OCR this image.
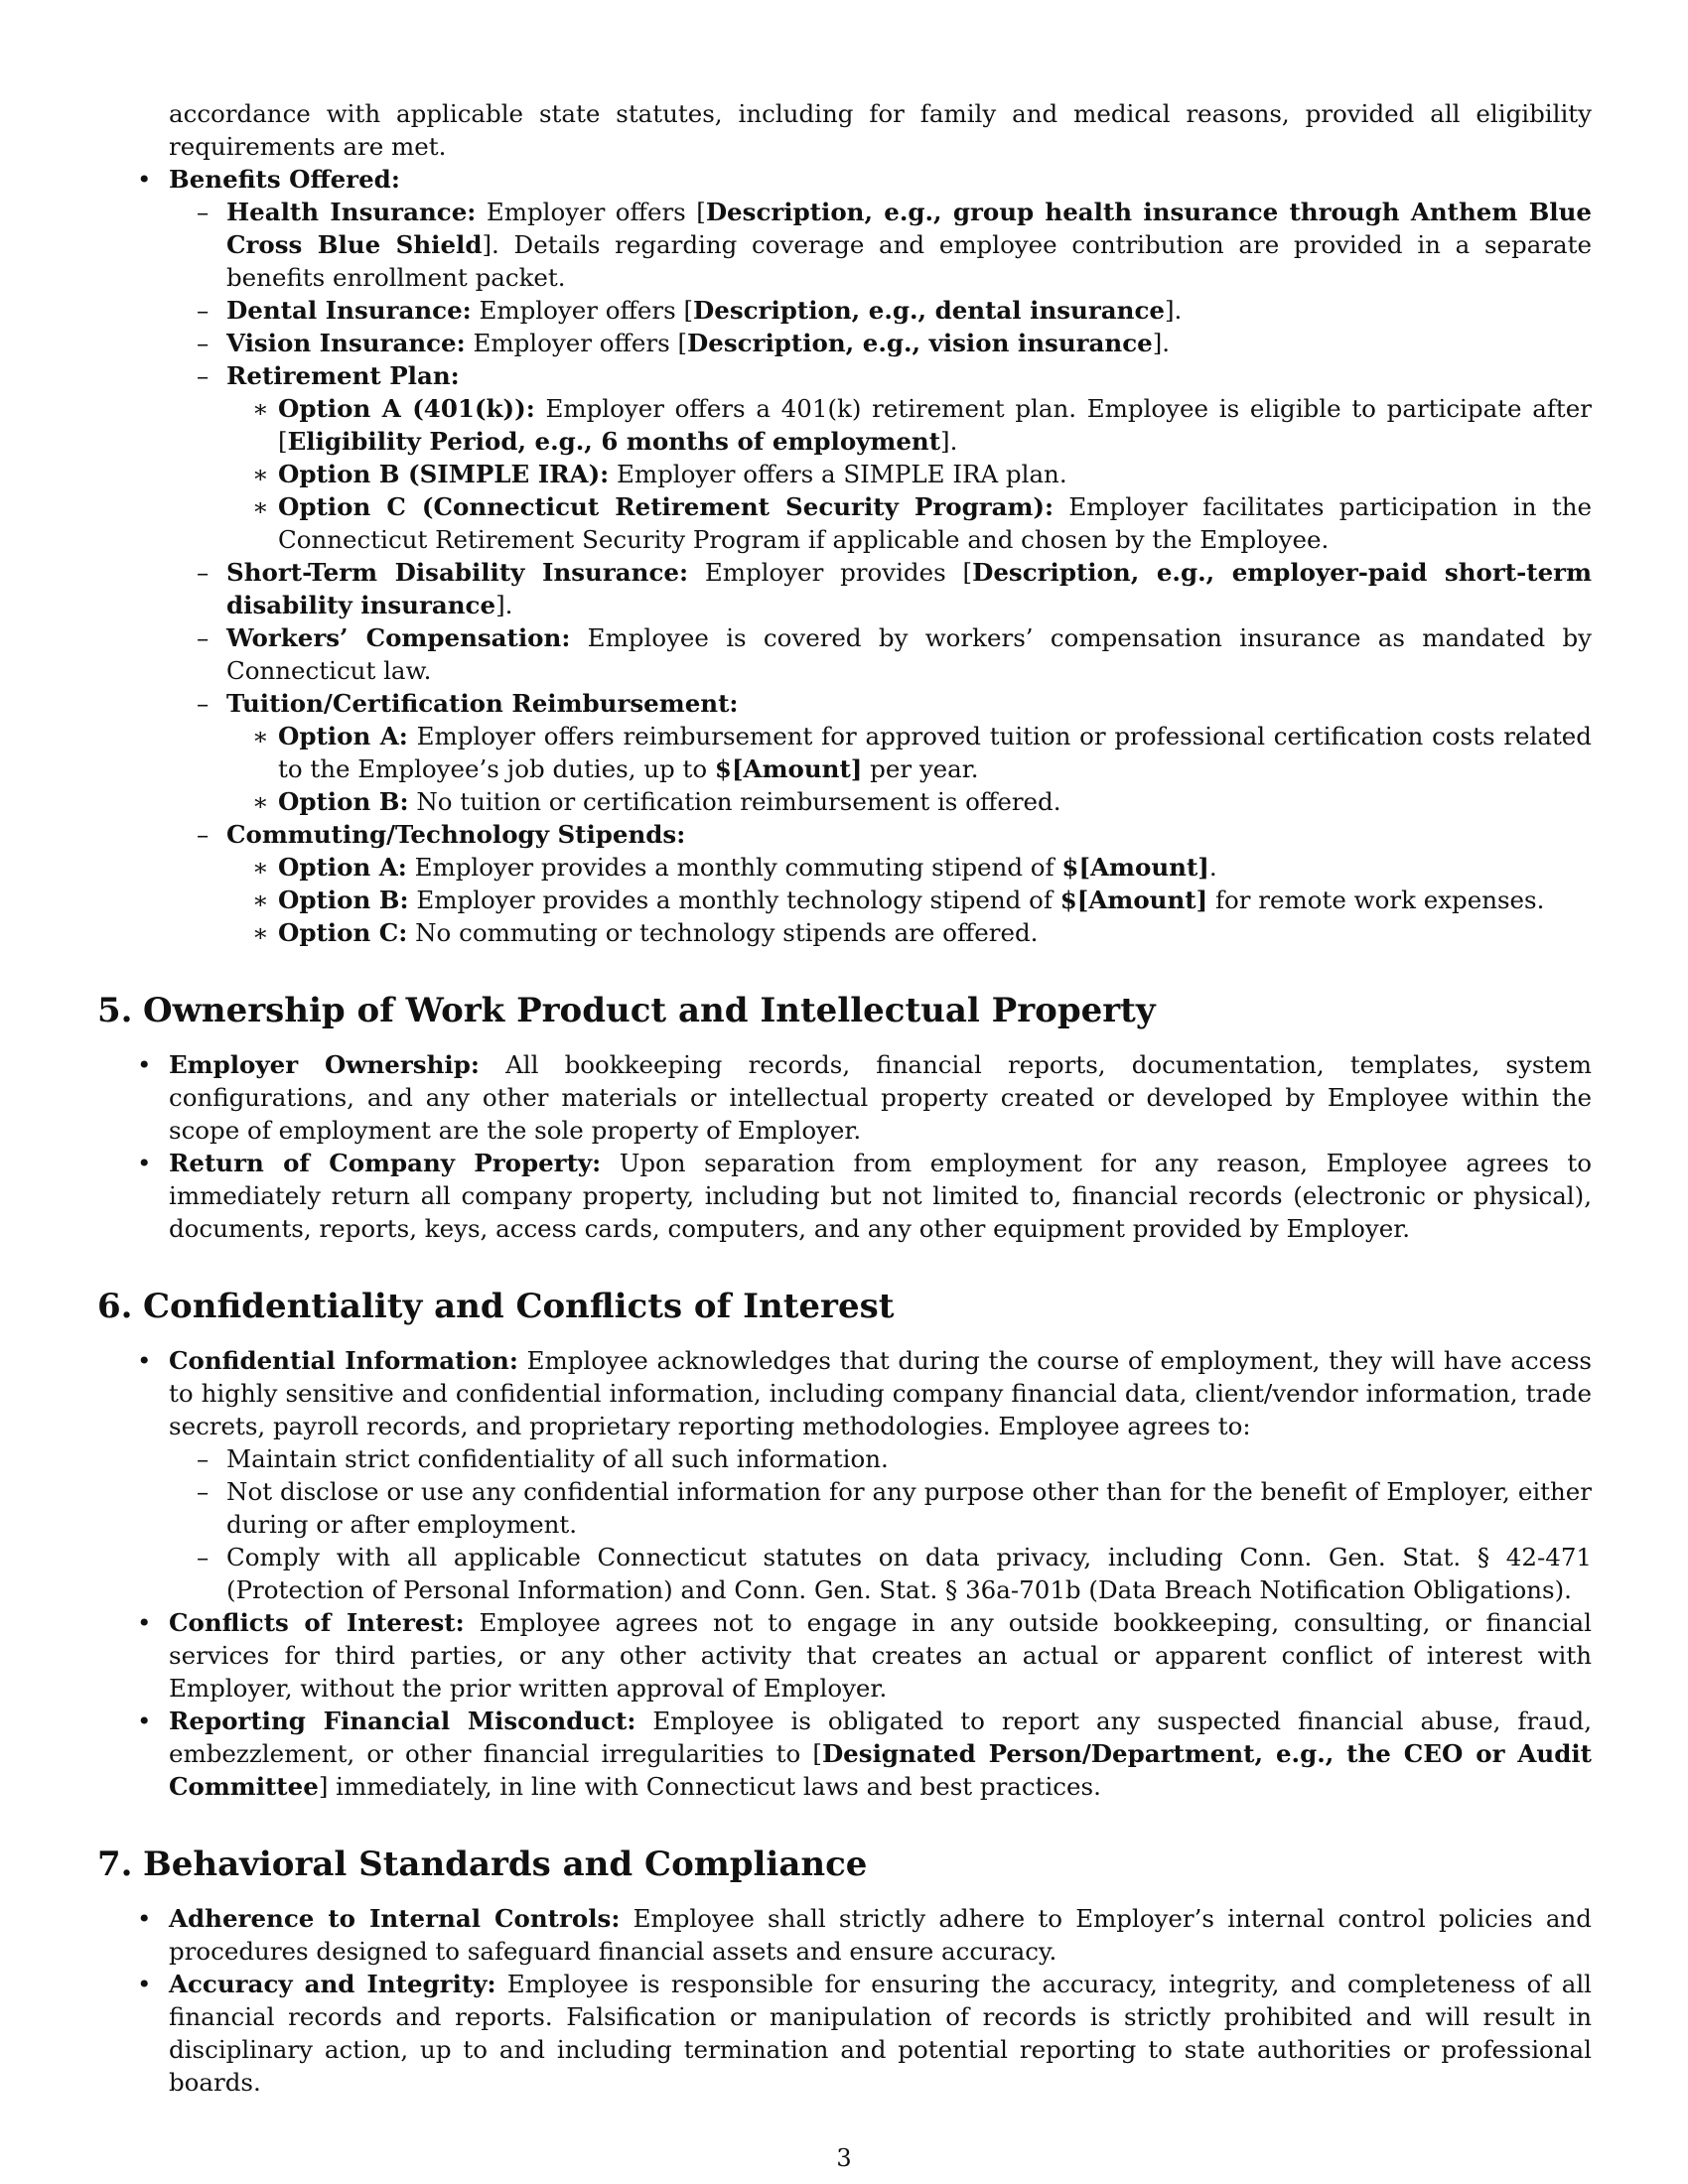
accordance with applicable state statutes, including for family and medical reasons, provided all eligibility requirements are met.
• Benefits Offered:
– Health Insurance: Employer offers [Description, e.g., group health insurance through Anthem Blue Cross Blue Shield]. Details regarding coverage and employee contribution are provided in a separate benefits enrollment packet.
– Dental Insurance: Employer offers [Description, e.g., dental insurance].
– Vision Insurance: Employer offers [Description, e.g., vision insurance].
– Retirement Plan:
∗ Option A (401(k)): Employer offers a 401(k) retirement plan. Employee is eligible to participate after [Eligibility Period, e.g., 6 months of employment].
∗ Option B (SIMPLE IRA): Employer offers a SIMPLE IRA plan.
∗ Option C (Connecticut Retirement Security Program): Employer facilitates participation in the Connecticut Retirement Security Program if applicable and chosen by the Employee.
– Short-Term Disability Insurance: Employer provides [Description, e.g., employer-paid short-term disability insurance].
– Workers’ Compensation: Employee is covered by workers’ compensation insurance as mandated by Connecticut law.
– Tuition/Certification Reimbursement:
∗ Option A: Employer offers reimbursement for approved tuition or professional certification costs related to the Employee’s job duties, up to $[Amount] per year.
∗ Option B: No tuition or certification reimbursement is offered.
– Commuting/Technology Stipends:
∗ Option A: Employer provides a monthly commuting stipend of $[Amount].
∗ Option B: Employer provides a monthly technology stipend of $[Amount] for remote work expenses.
∗ Option C: No commuting or technology stipends are offered.
5. Ownership of Work Product and Intellectual Property
• Employer Ownership: All bookkeeping records, financial reports, documentation, templates, system configurations, and any other materials or intellectual property created or developed by Employee within the scope of employment are the sole property of Employer.
• Return of Company Property: Upon separation from employment for any reason, Employee agrees to immediately return all company property, including but not limited to, financial records (electronic or physical), documents, reports, keys, access cards, computers, and any other equipment provided by Employer.
6. Confidentiality and Conflicts of Interest
• Confidential Information: Employee acknowledges that during the course of employment, they will have access to highly sensitive and confidential information, including company financial data, client/vendor information, trade secrets, payroll records, and proprietary reporting methodologies. Employee agrees to:
– Maintain strict confidentiality of all such information.
– Not disclose or use any confidential information for any purpose other than for the benefit of Employer, either during or after employment.
– Comply with all applicable Connecticut statutes on data privacy, including Conn. Gen. Stat. § 42-471 (Protection of Personal Information) and Conn. Gen. Stat. § 36a-701b (Data Breach Notification Obligations).
• Conflicts of Interest: Employee agrees not to engage in any outside bookkeeping, consulting, or financial services for third parties, or any other activity that creates an actual or apparent conflict of interest with Employer, without the prior written approval of Employer.
• Reporting Financial Misconduct: Employee is obligated to report any suspected financial abuse, fraud, embezzlement, or other financial irregularities to [Designated Person/Department, e.g., the CEO or Audit Committee] immediately, in line with Connecticut laws and best practices.
7. Behavioral Standards and Compliance
• Adherence to Internal Controls: Employee shall strictly adhere to Employer’s internal control policies and procedures designed to safeguard financial assets and ensure accuracy.
• Accuracy and Integrity: Employee is responsible for ensuring the accuracy, integrity, and completeness of all financial records and reports. Falsification or manipulation of records is strictly prohibited and will result in disciplinary action, up to and including termination and potential reporting to state authorities or professional boards.
3
